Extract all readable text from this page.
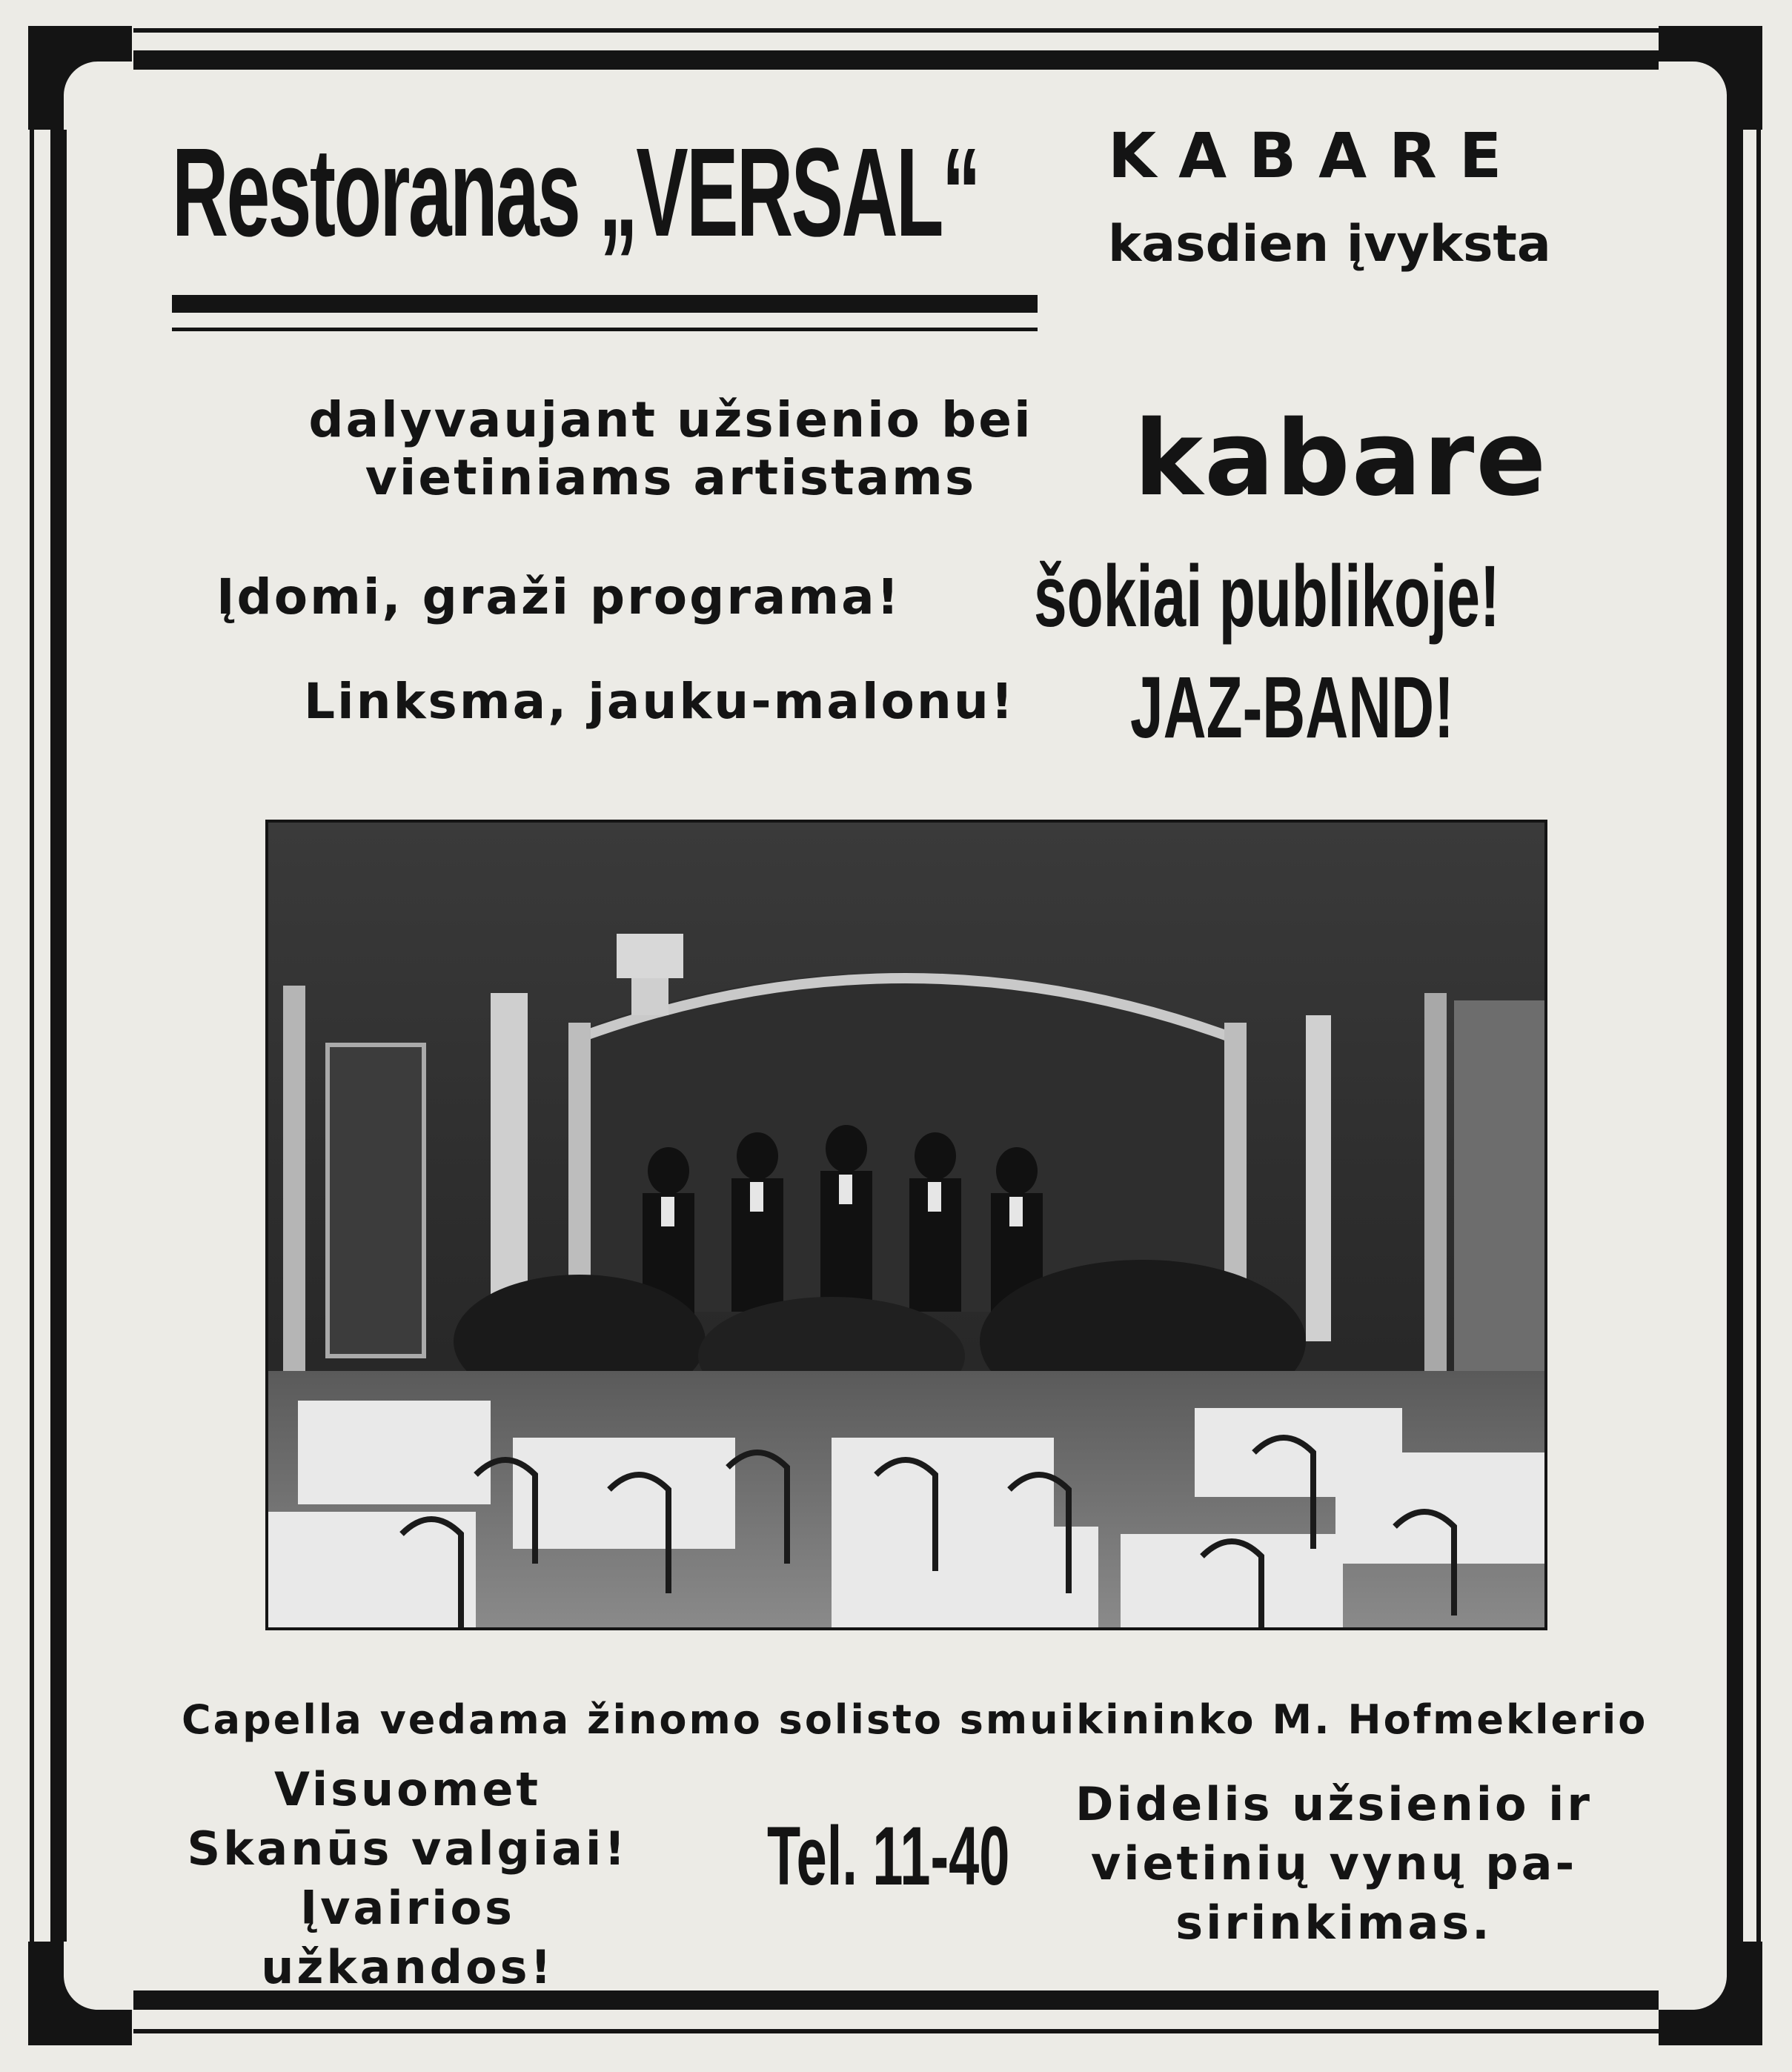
Restoranas „VERSAL“ KABARE
kasdien įvyksta
dalyvaujant užsienio bei
vietiniams artistams	kabare
Įdomi, graži programa! šokiai publikoje!
Linksma, jauku-malonu! JAZ-BAND!
Capella vedama žinomo solisto smuikininko M. Hofmeklerio
Visuomet
Skanūs valgiai!
Įvairios užkandos!
Tel. 11-40
Didelis užsienio ir
vietinių vynų pa-
sirinkimas.
